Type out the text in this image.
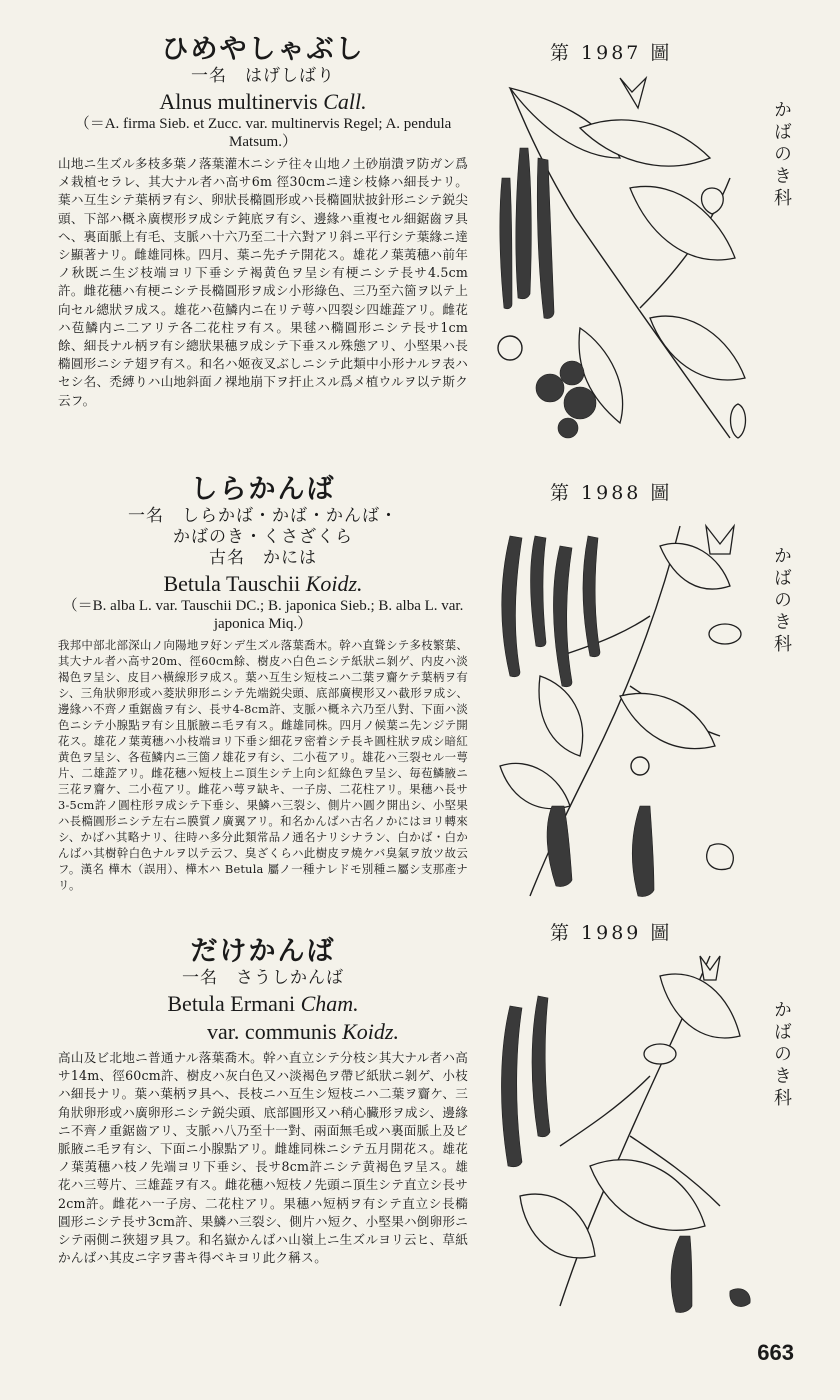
ひめやしゃぶし
一名　はげしばり
Alnus multinervis Call.
（＝A. firma Sieb. et Zucc. var. multinervis Regel; A. pendula Matsum.）
山地ニ生ズル多枝多葉ノ落葉灌木ニシテ往々山地ノ土砂崩潰ヲ防ガン爲メ栽植セラレ、其大ナル者ハ高サ6m 徑30cmニ達シ枝條ハ細長ナリ。葉ハ互生シテ葉柄ヲ有シ、卵狀長橢圓形或ハ長橢圓狀披針形ニシテ鋭尖頭、下部ハ概ネ廣楔形ヲ成シテ鈍底ヲ有シ、邊緣ハ重複セル細鋸齒ヲ具ヘ、裏面脈上有毛、支脈ハ十六乃至二十六對アリ斜ニ平行シテ葉緣ニ達シ顯著ナリ。雌雄同株。四月、葉ニ先チテ開花ス。雄花ノ葉荑穗ハ前年ノ秋既ニ生ジ枝端ヨリ下垂シテ褐黄色ヲ呈シ有梗ニシテ長サ4.5cm許。雌花穗ハ有梗ニシテ長橢圓形ヲ成シ小形綠色、三乃至六箇ヲ以テ上向セル總狀ヲ成ス。雄花ハ苞鱗内ニ在リテ萼ハ四裂シ四雄蕋アリ。雌花ハ苞鱗内ニ二アリテ各二花柱ヲ有ス。果毬ハ橢圓形ニシテ長サ1cm餘、細長ナル柄ヲ有シ總狀果穗ヲ成シテ下垂スル殊態アリ、小堅果ハ長橢圓形ニシテ翅ヲ有ス。和名ハ姬夜叉ぶしニシテ此類中小形ナルヲ表ハセシ名、禿縛りハ山地斜面ノ裸地崩下ヲ扞止スル爲メ植ウルヲ以テ斯ク云フ。
しらかんば
一名　しらかば・かば・かんば・
かばのき・くさざくら
古名　かには
Betula Tauschii Koidz.
（＝B. alba L. var. Tauschii DC.; B. japonica Sieb.; B. alba L. var. japonica Miq.）
我邦中部北部深山ノ向陽地ヲ好ンデ生ズル落葉喬木。幹ハ直聳シテ多枝繁葉、其大ナル者ハ高サ20m、徑60cm餘、樹皮ハ白色ニシテ紙狀ニ剝ゲ、内皮ハ淡褐色ヲ呈シ、皮目ハ橫線形ヲ成ス。葉ハ互生シ短枝ニハ二葉ヲ齎ケテ葉柄ヲ有シ、三角狀卵形或ハ菱狀卵形ニシテ先端鋭尖頭、底部廣楔形又ハ截形ヲ成シ、邊緣ハ不齊ノ重鋸齒ヲ有シ、長サ4-8cm許、支脈ハ概ネ六乃至八對、下面ハ淡色ニシテ小腺點ヲ有シ且脈腋ニ毛ヲ有ス。雌雄同株。四月ノ候葉ニ先ンジテ開花ス。雄花ノ葉荑穗ハ小枝端ヨリ下垂シ細花ヲ密着シテ長キ圓柱狀ヲ成シ暗紅黄色ヲ呈シ、各苞鱗内ニ三箇ノ雄花ヲ有シ、二小苞アリ。雄花ハ三裂セル一萼片、二雄蕋アリ。雌花穗ハ短枝上ニ頂生シテ上向シ紅綠色ヲ呈シ、毎苞鱗腋ニ三花ヲ齎ケ、二小苞アリ。雌花ハ萼ヲ缺キ、一子房、二花柱アリ。果穗ハ長サ3-5cm許ノ圓柱形ヲ成シテ下垂シ、果鱗ハ三裂シ、側片ハ圓ク開出シ、小堅果ハ長橢圓形ニシテ左右ニ膜質ノ廣翼アリ。和名かんばハ古名ノかにはヨリ轉來シ、かばハ其略ナリ、往時ハ多分此類常品ノ通名ナリシナラン、白かば・白かんばハ其樹幹白色ナルヲ以テ云フ、臭ざくらハ此樹皮ヲ燒ケバ臭氣ヲ放ツ故云フ。漢名 樺木（誤用）、樺木ハ Betula 屬ノ一種ナレドモ別種ニ屬シ支那產ナリ。
だけかんば
一名　さうしかんば
Betula Ermani Cham.
var. communis Koidz.
高山及ビ北地ニ普通ナル落葉喬木。幹ハ直立シテ分枝シ其大ナル者ハ高サ14m、徑60cm許、樹皮ハ灰白色又ハ淡褐色ヲ帶ビ紙狀ニ剝ゲ、小枝ハ細長ナリ。葉ハ葉柄ヲ具ヘ、長枝ニハ互生シ短枝ニハ二葉ヲ齎ケ、三角狀卵形或ハ廣卵形ニシテ鋭尖頭、底部圓形又ハ稍心臟形ヲ成シ、邊緣ニ不齊ノ重鋸齒アリ、支脈ハ八乃至十一對、兩面無毛或ハ裏面脈上及ビ脈腋ニ毛ヲ有シ、下面ニ小腺點アリ。雌雄同株ニシテ五月開花ス。雄花ノ葉荑穗ハ枝ノ先端ヨリ下垂シ、長サ8cm許ニシテ黄褐色ヲ呈ス。雄花ハ三萼片、三雄蕋ヲ有ス。雌花穗ハ短枝ノ先頭ニ頂生シテ直立シ長サ2cm許。雌花ハ一子房、二花柱アリ。果穗ハ短柄ヲ有シテ直立シ長橢圓形ニシテ長サ3cm許、果鱗ハ三裂シ、側片ハ短ク、小堅果ハ倒卵形ニシテ兩側ニ狹翅ヲ具フ。和名嶽かんばハ山嶺上ニ生ズルヨリ云ヒ、草紙かんばハ其皮ニ字ヲ書キ得ベキヨリ此ク稱ス。
第 1987 圖
第 1988 圖
第 1989 圖
かばのき科
かばのき科
かばのき科
663
